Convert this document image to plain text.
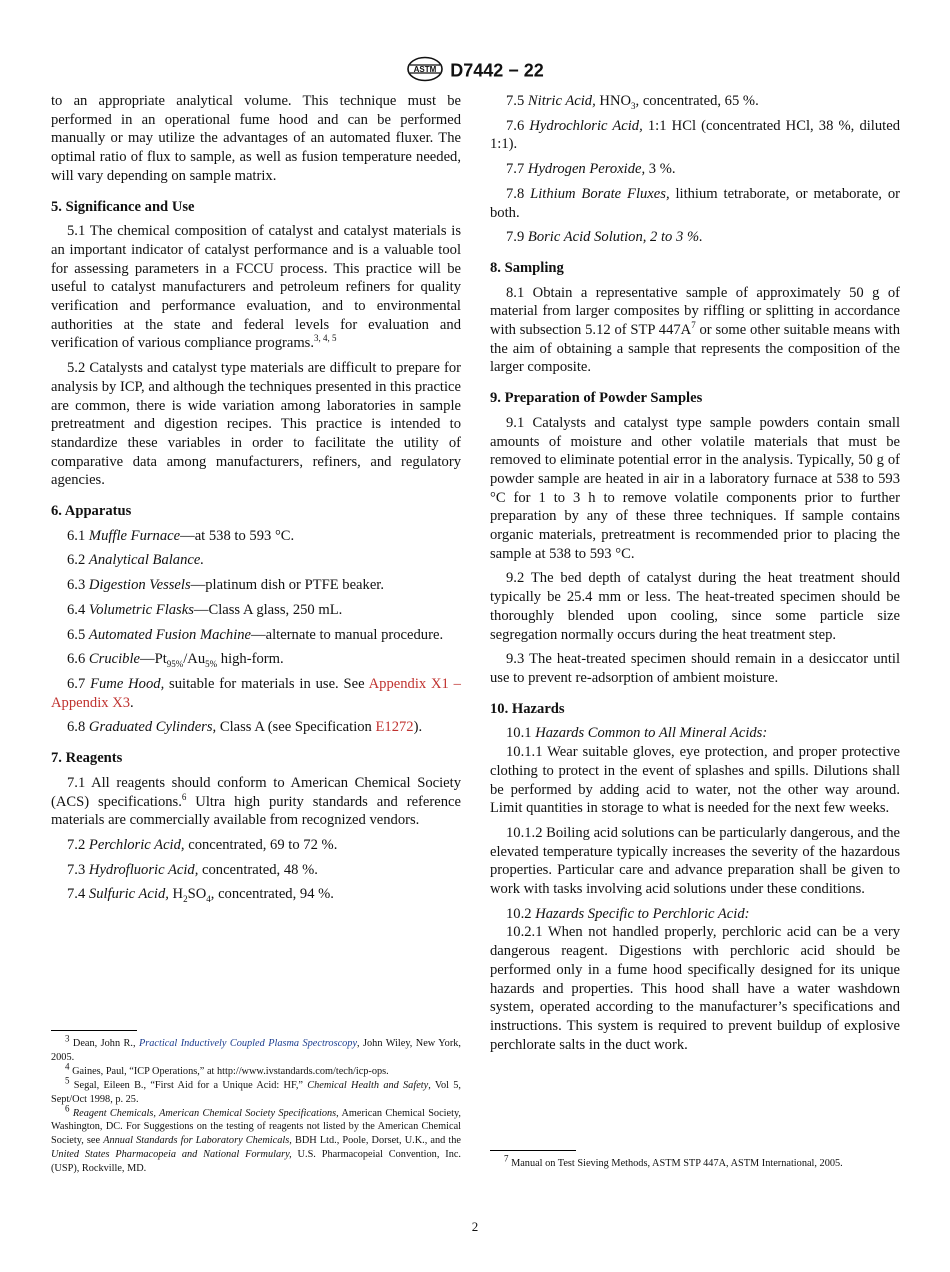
ASTM D7442 − 22

to an appropriate analytical volume. This technique must be performed in an operational fume hood and can be performed manually or may utilize the advantages of an automated fluxer. The optimal ratio of flux to sample, as well as fusion temperature needed, will vary depending on sample matrix.

5. Significance and Use

5.1 The chemical composition of catalyst and catalyst materials is an important indicator of catalyst performance and is a valuable tool for assessing parameters in a FCCU process. This practice will be useful to catalyst manufacturers and petroleum refiners for quality verification and performance evaluation, and to environmental authorities at the state and federal levels for evaluation and verification of various compliance programs.$^{3, 4, 5}$

5.2 Catalysts and catalyst type materials are difficult to prepare for analysis by ICP, and although the techniques presented in this practice are common, there is wide variation among laboratories in sample pretreatment and digestion recipes. This practice is intended to standardize these variables in order to facilitate the utility of comparative data among manufacturers, refiners, and regulatory agencies.

6. Apparatus

6.1 Muffle Furnace—at 538 to 593 °C.

6.2 Analytical Balance.

6.3 Digestion Vessels—platinum dish or PTFE beaker.

6.4 Volumetric Flasks—Class A glass, 250 mL.

6.5 Automated Fusion Machine—alternate to manual procedure.

6.6 $Crucible—Pt_{95\%}/Au_{5\%}$ high-form.

6.7 Fume Hood, suitable for materials in use. See Appendix X1 – Appendix X3.

6.8 Graduated Cylinders, Class A (see Specification E1272).

7. Reagents

7.1 All reagents should conform to American Chemical Society (ACS) specifications.$^6$ Ultra high purity standards and reference materials are commercially available from recognized vendors.

7.2 Perchloric Acid, concentrated, 69 to 72 %.

7.3 Hydrofluoric Acid, concentrated, 48 %.

7.4 Sulfuric Acid, $H_2SO_4$, concentrated, 94 %.

$^3$ Dean, John R., Practical Inductively Coupled Plasma Spectroscopy, John Wiley, New York, 2005.

$^4$ Gaines, Paul, “ICP Operations,” at http://www.ivstandards.com/tech/icp-ops.

$^5$ Segal, Eileen B., “First Aid for a Unique Acid: HF,” Chemical Health and Safety, Vol 5, Sept/Oct 1998, p. 25.

$^6$ Reagent Chemicals, American Chemical Society Specifications, American Chemical Society, Washington, DC. For Suggestions on the testing of reagents not listed by the American Chemical Society, see Annual Standards for Laboratory Chemicals, BDH Ltd., Poole, Dorset, U.K., and the United States Pharmacopeia and National Formulary, U.S. Pharmacopeial Convention, Inc. (USP), Rockville, MD.

7.5 Nitric Acid, $HNO_3$, concentrated, 65 %.

7.6 Hydrochloric Acid, 1:1 HCl (concentrated HCl, 38 %, diluted 1:1).

7.7 Hydrogen Peroxide, 3 %.

7.8 Lithium Borate Fluxes, lithium tetraborate, or metaborate, or both.

7.9 Boric Acid Solution, 2 to 3 %.

8. Sampling

8.1 Obtain a representative sample of approximately 50 g of material from larger composites by riffling or splitting in accordance with subsection 5.12 of STP $447A^7$ or some other suitable means with the aim of obtaining a sample that represents the composition of the larger composite.

9. Preparation of Powder Samples

9.1 Catalysts and catalyst type sample powders contain small amounts of moisture and other volatile materials that must be removed to eliminate potential error in the analysis. Typically, 50 g of powder sample are heated in air in a laboratory furnace at 538 to 593 °C for 1 to 3 h to remove volatile components prior to further preparation by any of these three techniques. If sample contains organic materials, pretreatment is recommended prior to placing the sample at 538 to 593 °C.

9.2 The bed depth of catalyst during the heat treatment should typically be 25.4 mm or less. The heat-treated specimen should be thoroughly blended upon cooling, since some particle size segregation normally occurs during the heat treatment step.

9.3 The heat-treated specimen should remain in a desiccator until use to prevent re-adsorption of ambient moisture.

10. Hazards

10.1 Hazards Common to All Mineral Acids:

10.1.1 Wear suitable gloves, eye protection, and proper protective clothing to protect in the event of splashes and spills. Dilutions shall be performed by adding acid to water, not the other way around. Limit quantities in storage to what is needed for the next few weeks.

10.1.2 Boiling acid solutions can be particularly dangerous, and the elevated temperature typically increases the severity of the hazardous properties. Particular care and advance preparation shall be given to work with tasks involving acid solutions under these conditions.

10.2 Hazards Specific to Perchloric Acid:

10.2.1 When not handled properly, perchloric acid can be a very dangerous reagent. Digestions with perchloric acid should be performed only in a fume hood specifically designed for its unique hazards and properties. This hood shall have a water washdown system, operated according to the manufacturer’s specifications and instructions. This system is required to prevent buildup of explosive perchlorate salts in the duct work.

$^7$ Manual on Test Sieving Methods, ASTM STP 447A, ASTM International, 2005.

2
